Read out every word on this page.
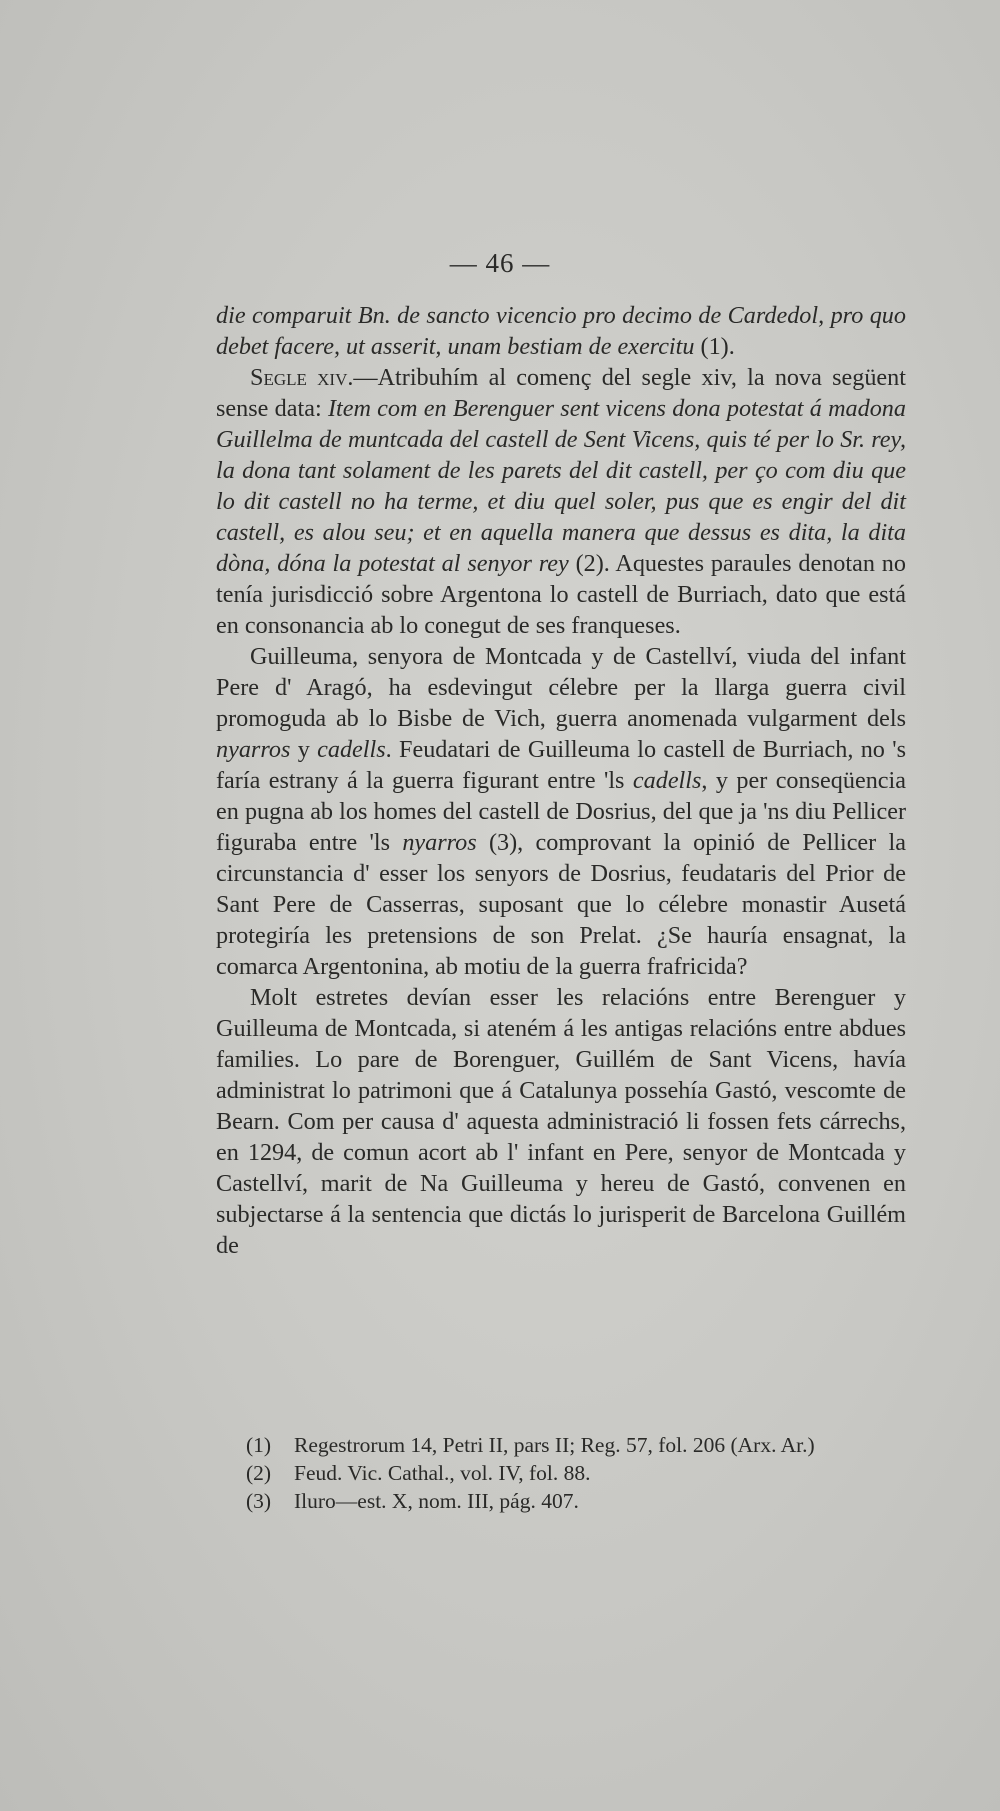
— 46 —

die comparuit Bn. de sancto vicencio pro decimo de Cardedol, pro quo debet facere, ut asserit, unam bestiam de exercitu (1).

Segle xiv.—Atribuhím al començ del segle xiv, la nova següent sense data: Item com en Berenguer sent vicens dona potestat á madona Guillelma de muntcada del castell de Sent Vicens, quis té per lo Sr. rey, la dona tant solament de les parets del dit castell, per ço com diu que lo dit castell no ha terme, et diu quel soler, pus que es engir del dit castell, es alou seu; et en aquella manera que dessus es dita, la dita dòna, dóna la potestat al senyor rey (2). Aquestes paraules denotan no tenía jurisdicció sobre Argentona lo castell de Burriach, dato que está en consonancia ab lo conegut de ses franqueses.

Guilleuma, senyora de Montcada y de Castellví, viuda del infant Pere d' Aragó, ha esdevingut célebre per la llarga guerra civil promoguda ab lo Bisbe de Vich, guerra anomenada vulgarment dels nyarros y cadells. Feudatari de Guilleuma lo castell de Burriach, no 's faría estrany á la guerra figurant entre 'ls cadells, y per conseqüencia en pugna ab los homes del castell de Dosrius, del que ja 'ns diu Pellicer figuraba entre 'ls nyarros (3), comprovant la opinió de Pellicer la circunstancia d' esser los senyors de Dosrius, feudataris del Prior de Sant Pere de Casserras, suposant que lo célebre monastir Ausetá protegiría les pretensions de son Prelat. ¿Se hauría ensagnat, la comarca Argentonina, ab motiu de la guerra frafricida?

Molt estretes devían esser les relacións entre Berenguer y Guilleuma de Montcada, si ateném á les antigas relacións entre abdues families. Lo pare de Borenguer, Guillém de Sant Vicens, havía administrat lo patrimoni que á Catalunya possehía Gastó, vescomte de Bearn. Com per causa d' aquesta administració li fossen fets cárrechs, en 1294, de comun acort ab l' infant en Pere, senyor de Montcada y Castellví, marit de Na Guilleuma y hereu de Gastó, convenen en subjectarse á la sentencia que dictás lo jurisperit de Barcelona Guillém de

(1)	Regestrorum 14, Petri II, pars II; Reg. 57, fol. 206 (Arx. Ar.)
(2)	Feud. Vic. Cathal., vol. IV, fol. 88.
(3)	Iluro—est. X, nom. III, pág. 407.
